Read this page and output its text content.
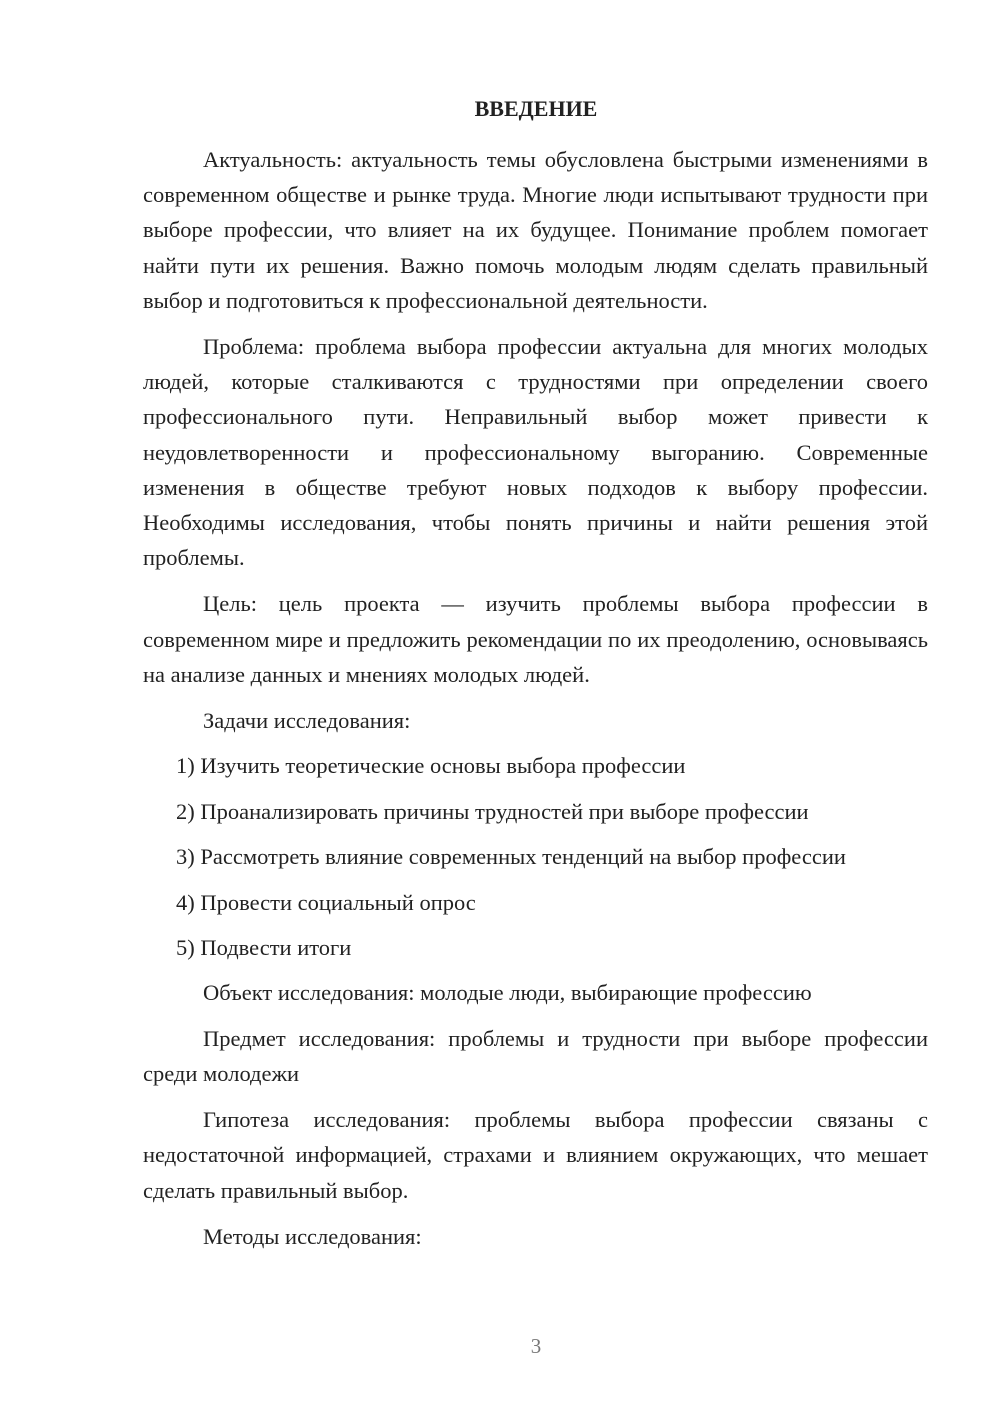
ВВЕДЕНИЕ

Актуальность: актуальность темы обусловлена быстрыми изменениями в современном обществе и рынке труда. Многие люди испытывают трудности при выборе профессии, что влияет на их будущее. Понимание проблем помогает найти пути их решения. Важно помочь молодым людям сделать правильный выбор и подготовиться к профессиональной деятельности.

Проблема: проблема выбора профессии актуальна для многих молодых людей, которые сталкиваются с трудностями при определении своего профессионального пути. Неправильный выбор может привести к неудовлетворенности и профессиональному выгоранию. Современные изменения в обществе требуют новых подходов к выбору профессии. Необходимы исследования, чтобы понять причины и найти решения этой проблемы.

Цель: цель проекта — изучить проблемы выбора профессии в современном мире и предложить рекомендации по их преодолению, основываясь на анализе данных и мнениях молодых людей.

Задачи исследования:

1) Изучить теоретические основы выбора профессии
2) Проанализировать причины трудностей при выборе профессии
3) Рассмотреть влияние современных тенденций на выбор профессии
4) Провести социальный опрос
5) Подвести итоги

Объект исследования: молодые люди, выбирающие профессию

Предмет исследования: проблемы и трудности при выборе профессии среди молодежи

Гипотеза исследования: проблемы выбора профессии связаны с недостаточной информацией, страхами и влиянием окружающих, что мешает сделать правильный выбор.

Методы исследования:

3
